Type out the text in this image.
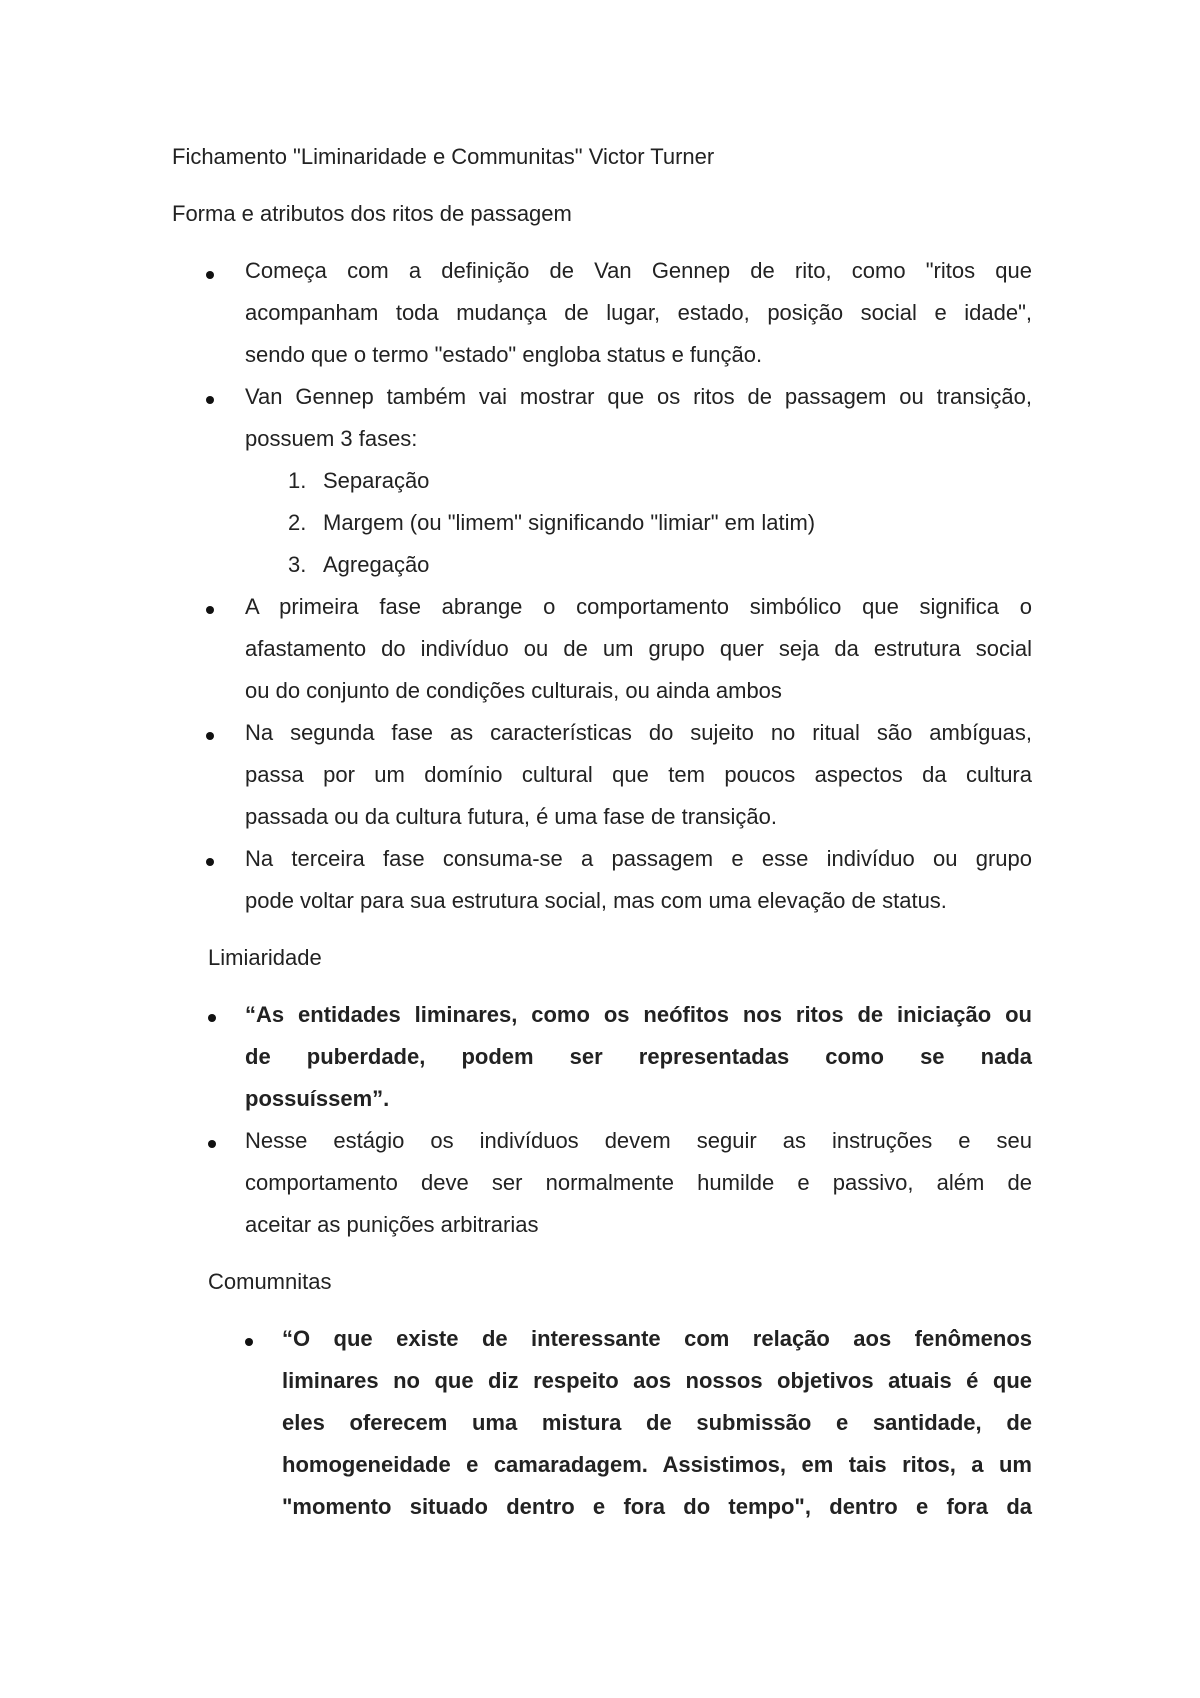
Fichamento "Liminaridade e Communitas" Victor Turner
Forma e atributos dos ritos de passagem
Começa com a definição de Van Gennep de rito, como "ritos que
acompanham toda mudança de lugar, estado, posição social e idade",
sendo que o termo "estado" engloba status e função.
Van Gennep também vai mostrar que os ritos de passagem ou transição,
possuem 3 fases:
1. Separação
2. Margem (ou "limem" significando "limiar" em latim)
3. Agregação
A primeira fase abrange o comportamento simbólico que significa o
afastamento do indivíduo ou de um grupo quer seja da estrutura social
ou do conjunto de condições culturais, ou ainda ambos
Na segunda fase as características do sujeito no ritual são ambíguas,
passa por um domínio cultural que tem poucos aspectos da cultura
passada ou da cultura futura, é uma fase de transição.
Na terceira fase consuma-se a passagem e esse indivíduo ou grupo
pode voltar para sua estrutura social, mas com uma elevação de status.
Limiaridade
“As entidades liminares, como os neófitos nos ritos de iniciação ou
de puberdade, podem ser representadas como se nada
possuíssem”.
Nesse estágio os indivíduos devem seguir as instruções e seu
comportamento deve ser normalmente humilde e passivo, além de
aceitar as punições arbitrarias
Comumnitas
“O que existe de interessante com relação aos fenômenos
liminares no que diz respeito aos nossos objetivos atuais é que
eles oferecem uma mistura de submissão e santidade, de
homogeneidade e camaradagem. Assistimos, em tais ritos, a um
"momento situado dentro e fora do tempo", dentro e fora da
